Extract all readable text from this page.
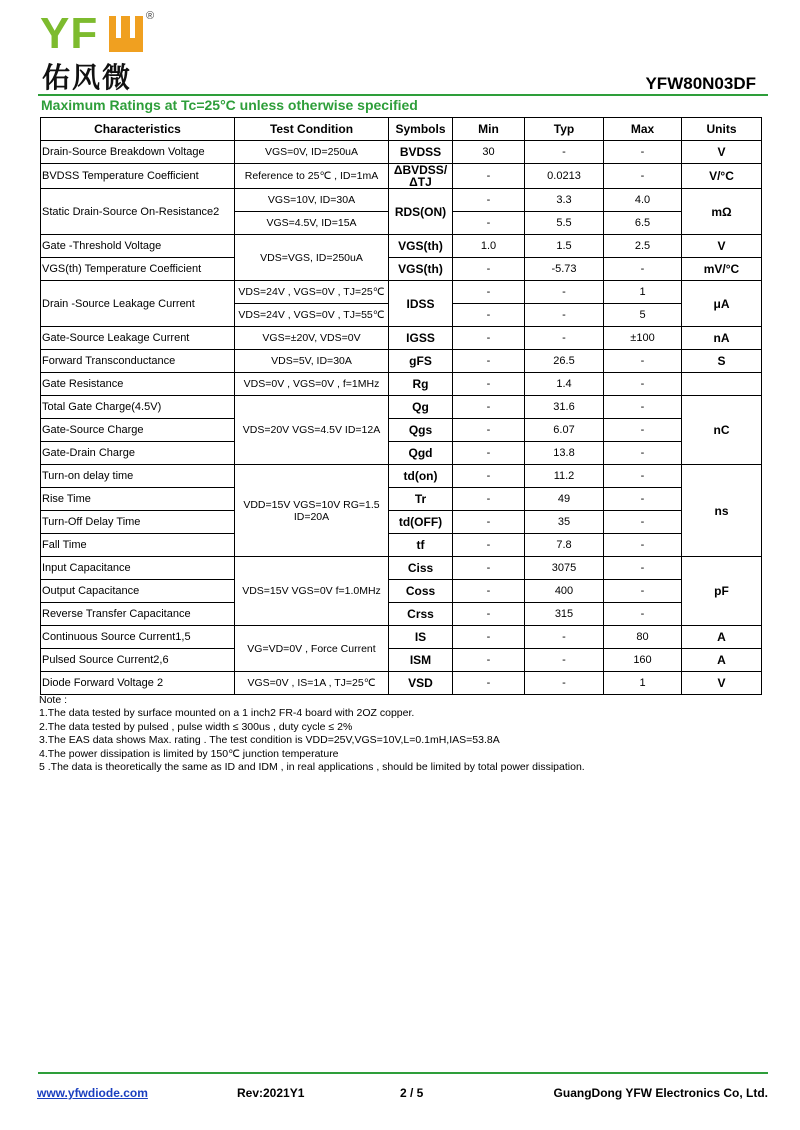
YF	®
佑风微	YFW80N03DF
Maximum Ratings at Tc=25°C unless otherwise specified
Characteristics	Test Condition	Symbols	Min	Typ	Max	Units
Drain-Source Breakdown Voltage	VGS=0V, ID=250uA	BVDSS	30	-	-	V
BVDSS Temperature Coefficient	Reference to 25℃ , ID=1mA	ΔBVDSS/ΔTJ	-	0.0213	-	V/°C
Static Drain-Source On-Resistance2	VGS=10V, ID=30A	RDS(ON)	-	3.3	4.0	mΩ
	VGS=4.5V, ID=15A		-	5.5	6.5	
Gate -Threshold Voltage	VDS=VGS, ID=250uA	VGS(th)	1.0	1.5	2.5	V
VGS(th) Temperature Coefficient		VGS(th)	-	-5.73	-	mV/°C
Drain -Source Leakage Current	VDS=24V , VGS=0V , TJ=25℃	IDSS	-	-	1	μA
	VDS=24V , VGS=0V , TJ=55℃		-	-	5	
Gate-Source Leakage Current	VGS=±20V, VDS=0V	IGSS	-	-	±100	nA
Forward Transconductance	VDS=5V, ID=30A	gFS	-	26.5	-	S
Gate Resistance	VDS=0V , VGS=0V , f=1MHz	Rg	-	1.4	-	
Total Gate Charge(4.5V)	VDS=20V VGS=4.5V ID=12A	Qg	-	31.6	-	nC
Gate-Source Charge		Qgs	-	6.07	-	
Gate-Drain Charge		Qgd	-	13.8	-	
Turn-on delay time	VDD=15V VGS=10V RG=1.5 ID=20A	td(on)	-	11.2	-	ns
Rise Time		Tr	-	49	-	
Turn-Off Delay Time		td(OFF)	-	35	-	
Fall Time		tf	-	7.8	-	
Input Capacitance	VDS=15V VGS=0V f=1.0MHz	Ciss	-	3075	-	pF
Output Capacitance		Coss	-	400	-	
Reverse Transfer Capacitance		Crss	-	315	-	
Continuous Source Current1,5	VG=VD=0V , Force Current	IS	-	-	80	A
Pulsed Source Current2,6		ISM	-	-	160	A
Diode Forward Voltage 2	VGS=0V , IS=1A , TJ=25℃	VSD	-	-	1	V
Note :
1.The data tested by surface mounted on a 1 inch2 FR-4 board with 2OZ copper.
2.The data tested by pulsed , pulse width ≤ 300us , duty cycle ≤ 2%
3.The EAS data shows Max. rating . The test condition is VDD=25V,VGS=10V,L=0.1mH,IAS=53.8A
4.The power dissipation is limited by 150℃ junction temperature
5 .The data is theoretically the same as ID and IDM , in real applications , should be limited by total power dissipation.
www.yfwdiode.com	Rev:2021Y1	2 / 5	GuangDong YFW Electronics Co, Ltd.
